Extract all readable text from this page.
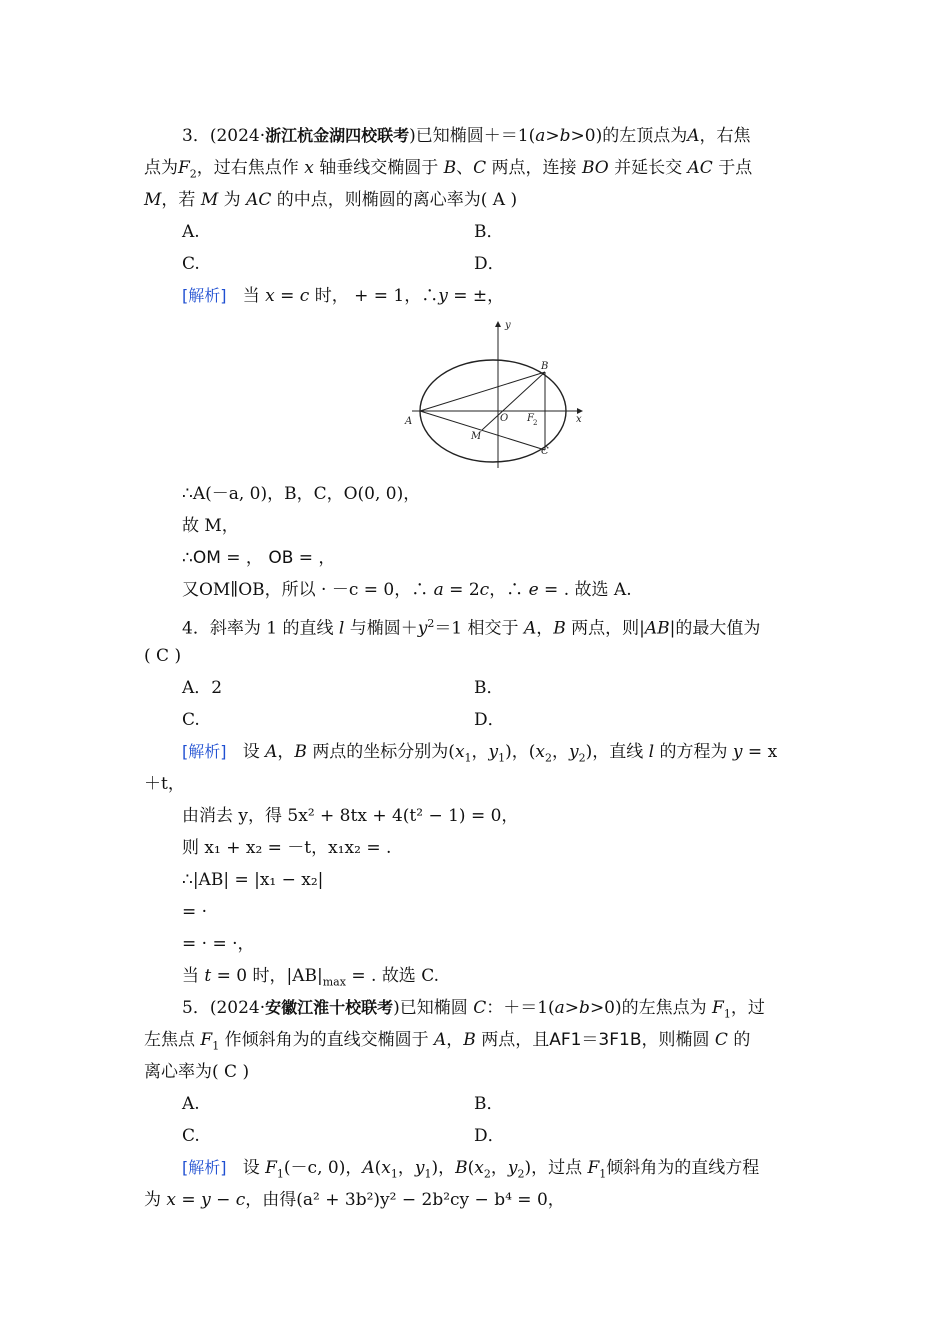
3．(2024·浙江杭金湖四校联考)已知椭圆＋＝1(a>b>0)的左顶点为A，右焦
点为$F_2$，过右焦点作 x 轴垂线交椭圆于 B、C 两点，连接 BO 并延长交 AC 于点
M，若 M 为 AC 的中点，则椭圆的离心率为( A )
A.	B．
C.	D．
[解析] 当 x = c 时， + = 1，∴y = ±，
y
x
A
B
C
O F 2
M
∴A(－a, 0)，B，C，O(0, 0)，
故 M，
∴OM = ， OB = ，
又OM∥OB，所以 · －c = 0，∴ a = 2c，∴ e = . 故选 A.
4．斜率为 1 的直线 l 与椭圆$+y^2=1$ 相交于 A，B 两点，则|AB|的最大值为
( C )
A．2	B．
C.	D．
[解析] 设 A，B 两点的坐标分别为($x_1$，$y_1$)，($x_2$，$y_2$)，直线 l 的方程为 y = x
＋t，
由消去 y，得 5x² + 8tx + 4(t² − 1) = 0，
则 x₁ + x₂ = －t，x₁x₂ = .
∴|AB| = |x₁ − x₂|
= ·
= · = ·，
当 t = 0 时，$|AB|_{max}$ = . 故选 C.
5．(2024·安徽江淮十校联考)已知椭圆 C：＋＝1(a>b>0)的左焦点为 $F_1$，过
左焦点 $F_1$ 作倾斜角为的直线交椭圆于 A，B 两点，且AF1＝3F1B，则椭圆 C 的
离心率为( C )
A.	B．
C.	D．
[解析] 设 $F_1(-c$, 0)，$A(x_1$，$y_1$)，$B(x_2$，$y_2$)，过点 $F_1$倾斜角为的直线方程
为 x = y − c，由得(a² + 3b²)y² − 2b²cy − b⁴ = 0，
